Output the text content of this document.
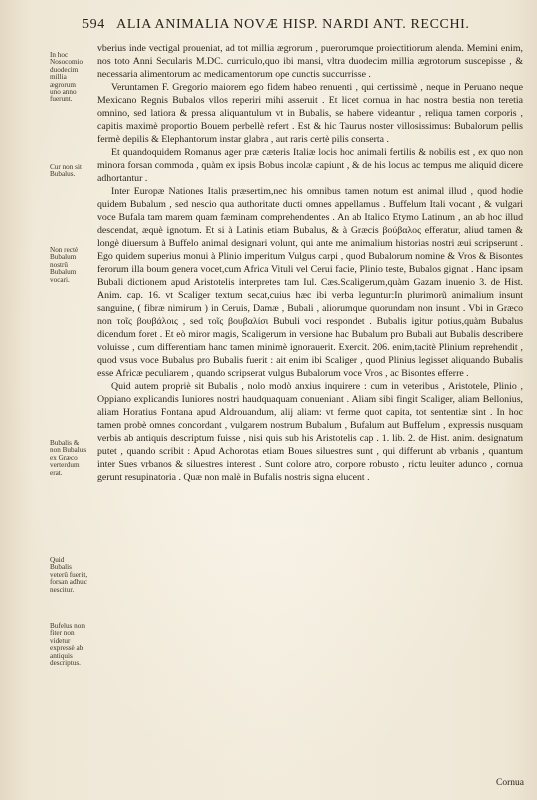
594 ALIA ANIMALIA NOVÆ HISP. NARDI ANT. RECCHI.
In hoc Nosocomio duodecim millia ægrorum uno anno fuerunt.
Cur non sit Bubalus.
Non rectè Bubalum nostrû Bubalum vocari.
Bubalis & non Bubalus ex Græco verterdum erat.
Quid Bubalis veterû fuerit, forsan adhuc nescitur.
Bufelus non fiter non videtur expressè ab antiquis descriptus.

vberius inde vectigal proueniat, ad tot millia ægrorum , puerorumque proiectitiorum alenda. Memini enim, nos toto Anni Secularis M.DC. curriculo,quo ibi mansi, vltra duodecim millia ægrotorum suscepisse , & necessaria alimentorum ac medicamentorum ope cunctis succurrisse .

Veruntamen F. Gregorio maiorem ego fidem habeo renuenti , qui certissimè , neque in Peruano neque Mexicano Regnis Bubalos vllos reperiri mihi asseruit . Et licet cornua in hac nostra bestia non teretia omnino, sed latiora & pressa aliquantulum vt in Bubalis, se habere videantur , reliqua tamen corporis , capitis maximè proportio Bouem perbellè refert . Est & hic Taurus noster villosissimus: Bubalorum pellis fermè depilis & Elephantorum instar glabra , aut raris certè pilis conserta .

Et quandoquidem Romanus ager præ cæteris Italiæ locis hoc animali fertilis & nobilis est , ex quo non minora forsan commoda , quàm ex ipsis Bobus incolæ capiunt , & de his locus ac tempus me aliquid dicere adhortantur .

Inter Europæ Nationes Italis præsertim,nec his omnibus tamen notum est animal illud , quod hodie quidem Bubalum , sed nescio qua authoritate ducti omnes appellamus . Buffelum Itali vocant , & vulgari voce Bufala tam marem quam fæminam comprehendentes . An ab Italico Etymo Latinum , an ab hoc illud descendat, æquè ignotum. Et si à Latinis etiam Bubalus, & à Græcis βούβαλος efferatur, aliud tamen & longè diuersum à Buffelo animal designari volunt, qui ante me animalium historias nostri æui scripserunt . Ego quidem superius monui à Plinio imperitum Vulgus carpi , quod Bubalorum nomine & Vros & Bisontes ferorum illa boum genera vocet,cum Africa Vituli vel Cerui facie, Plinio teste, Bubalos gignat . Hanc ipsam Bubali dictionem apud Aristotelis interpretes tam Iul. Cæs.Scaligerum,quàm Gazam inuenio 3. de Hist. Anim. cap. 16. vt Scaliger textum secat,cuius hæc ibi verba leguntur:In plurimorũ animalium insunt sanguine, ( fibræ nimirum ) in Ceruis, Damæ , Bubali , aliorumque quorundam non insunt . Vbi in Græco non τοῖς βουβάλοις , sed τοῖς βουβαλίσι Bubuli voci respondet . Bubalis igitur potius,quàm Bubalus dicendum foret . Et eò miror magis, Scaligerum in versione hac Bubalum pro Bubali aut Bubalis describere voluisse , cum differentiam hanc tamen minimè ignorauerit. Exercit. 206. enim,tacitè Plinium reprehendit , quod vsus voce Bubalus pro Bubalis fuerit : ait enim ibi Scaliger , quod Plinius legisset aliquando Bubalis esse Africæ peculiarem , quando scripserat vulgus Bubalorum voce Vros , ac Bisontes efferre .

Quid autem propriè sit Bubalis , nolo modò anxius inquirere : cum in veteribus , Aristotele, Plinio , Oppiano explicandis Iuniores nostri haudquaquam conueniant . Aliam sibi fingit Scaliger, aliam Bellonius, aliam Horatius Fontana apud Aldrouandum, alij aliam: vt ferme quot capita, tot sententiæ sint . In hoc tamen probè omnes concordant , vulgarem nostrum Bubalum , Bufalum aut Buffelum , expressis nusquam verbis ab antiquis descriptum fuisse , nisi quis sub his Aristotelis cap . 1. lib. 2. de Hist. anim. designatum putet , quando scribit : Apud Achorotas etiam Boues siluestres sunt , qui differunt ab vrbanis , quantum inter Sues vrbanos & siluestres interest . Sunt colore atro, corpore robusto , rictu leuiter adunco , cornua gerunt resupinatoria . Quæ non malè in Bufalis nostris signa elucent .

Cornua
